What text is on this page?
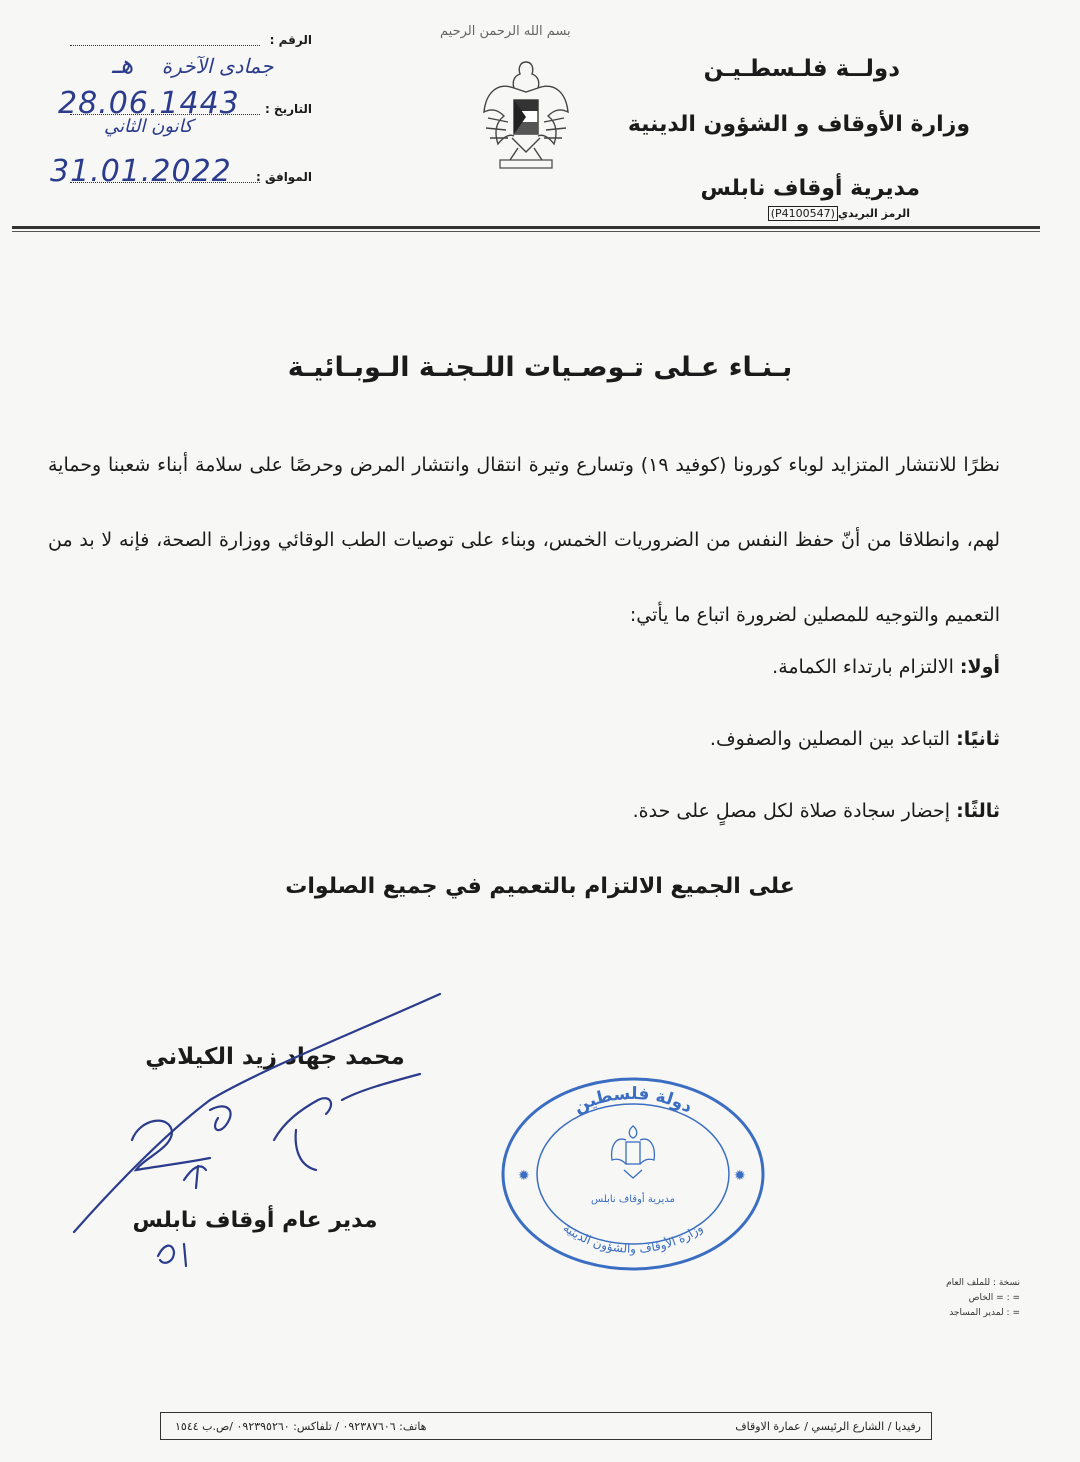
دولــة فلـسطـيـن
وزارة الأوقاف و الشؤون الدينية
مديرية أوقاف نابلس
الرمز البريدي(P4100547)
بسم الله الرحمن الرحيم
الرقم :
التاريخ :
الموافق :
جمادى الآخرة هـ
28.06.1443
كانون الثاني
31.01.2022
بـنـاء عـلى تـوصـيات اللـجنـة الـوبـائيـة
نظرًا للانتشار المتزايد لوباء كورونا (كوفيد ١٩) وتسارع وتيرة انتقال وانتشار المرض وحرصًا على سلامة أبناء شعبنا وحماية لهم، وانطلاقا من أنّ حفظ النفس من الضروريات الخمس، وبناء على توصيات الطب الوقائي ووزارة الصحة، فإنه لا بد من التعميم والتوجيه للمصلين لضرورة اتباع ما يأتي:
أولا: الالتزام بارتداء الكمامة.
ثانيًا: التباعد بين المصلين والصفوف.
ثالثًا: إحضار سجادة صلاة لكل مصلٍ على حدة.
على الجميع الالتزام بالتعميم في جميع الصلوات
محمد جهاد زيد الكيلاني
مدير عام أوقاف نابلس
دولة فلسطين
وزارة الأوقاف والشؤون الدينية
مديرية أوقاف نابلس
✹	✹
نسخة : للملف العام
= : = الخاص
= : لمدير المساجد
رفيديا / الشارع الرئيسي / عمارة الاوقاف
هاتف: ٠٩٢٣٨٧٦٠٦ / تلفاكس: ٠٩٢٣٩٥٢٦٠ /ص.ب ١٥٤٤
